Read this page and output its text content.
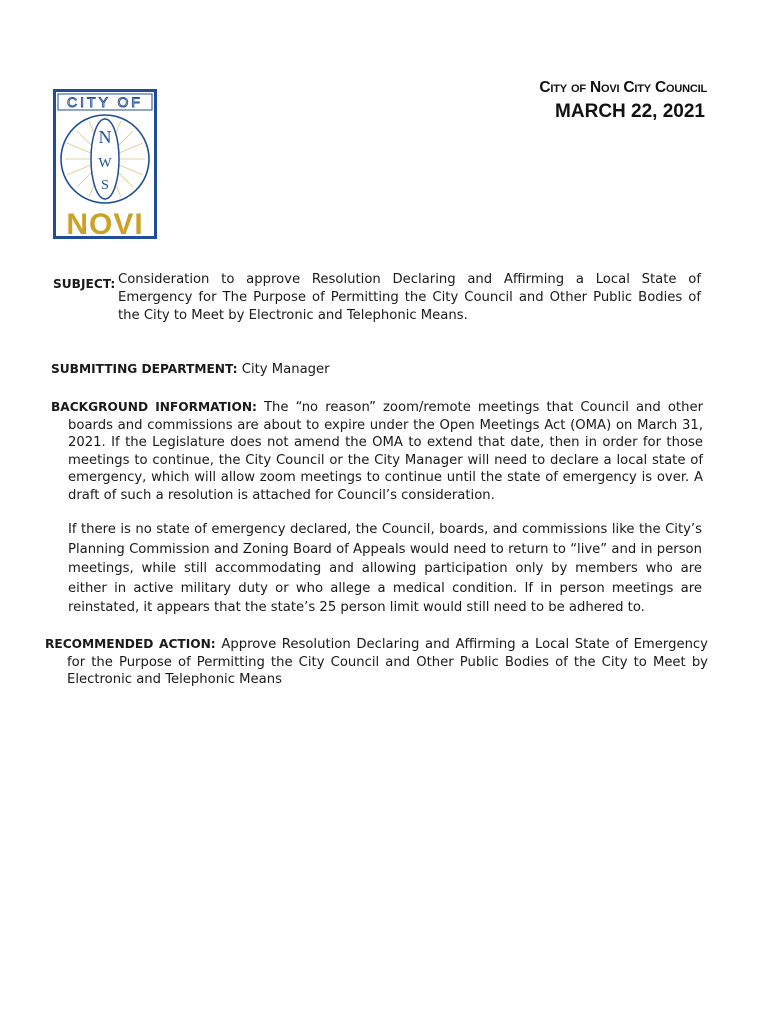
CITY OF
N
W
S
NOVI
City of Novi City Council
MARCH 22, 2021
SUBJECT: Consideration to approve Resolution Declaring and Affirming a Local State of Emergency for The Purpose of Permitting the City Council and Other Public Bodies of the City to Meet by Electronic and Telephonic Means.
SUBMITTING DEPARTMENT: City Manager
BACKGROUND INFORMATION: The “no reason” zoom/remote meetings that Council and other boards and commissions are about to expire under the Open Meetings Act (OMA) on March 31, 2021. If the Legislature does not amend the OMA to extend that date, then in order for those meetings to continue, the City Council or the City Manager will need to declare a local state of emergency, which will allow zoom meetings to continue until the state of emergency is over. A draft of such a resolution is attached for Council’s consideration.
If there is no state of emergency declared, the Council, boards, and commissions like the City’s Planning Commission and Zoning Board of Appeals would need to return to “live” and in person meetings, while still accommodating and allowing participation only by members who are either in active military duty or who allege a medical condition. If in person meetings are reinstated, it appears that the state’s 25 person limit would still need to be adhered to.
RECOMMENDED ACTION: Approve Resolution Declaring and Affirming a Local State of Emergency for the Purpose of Permitting the City Council and Other Public Bodies of the City to Meet by Electronic and Telephonic Means
